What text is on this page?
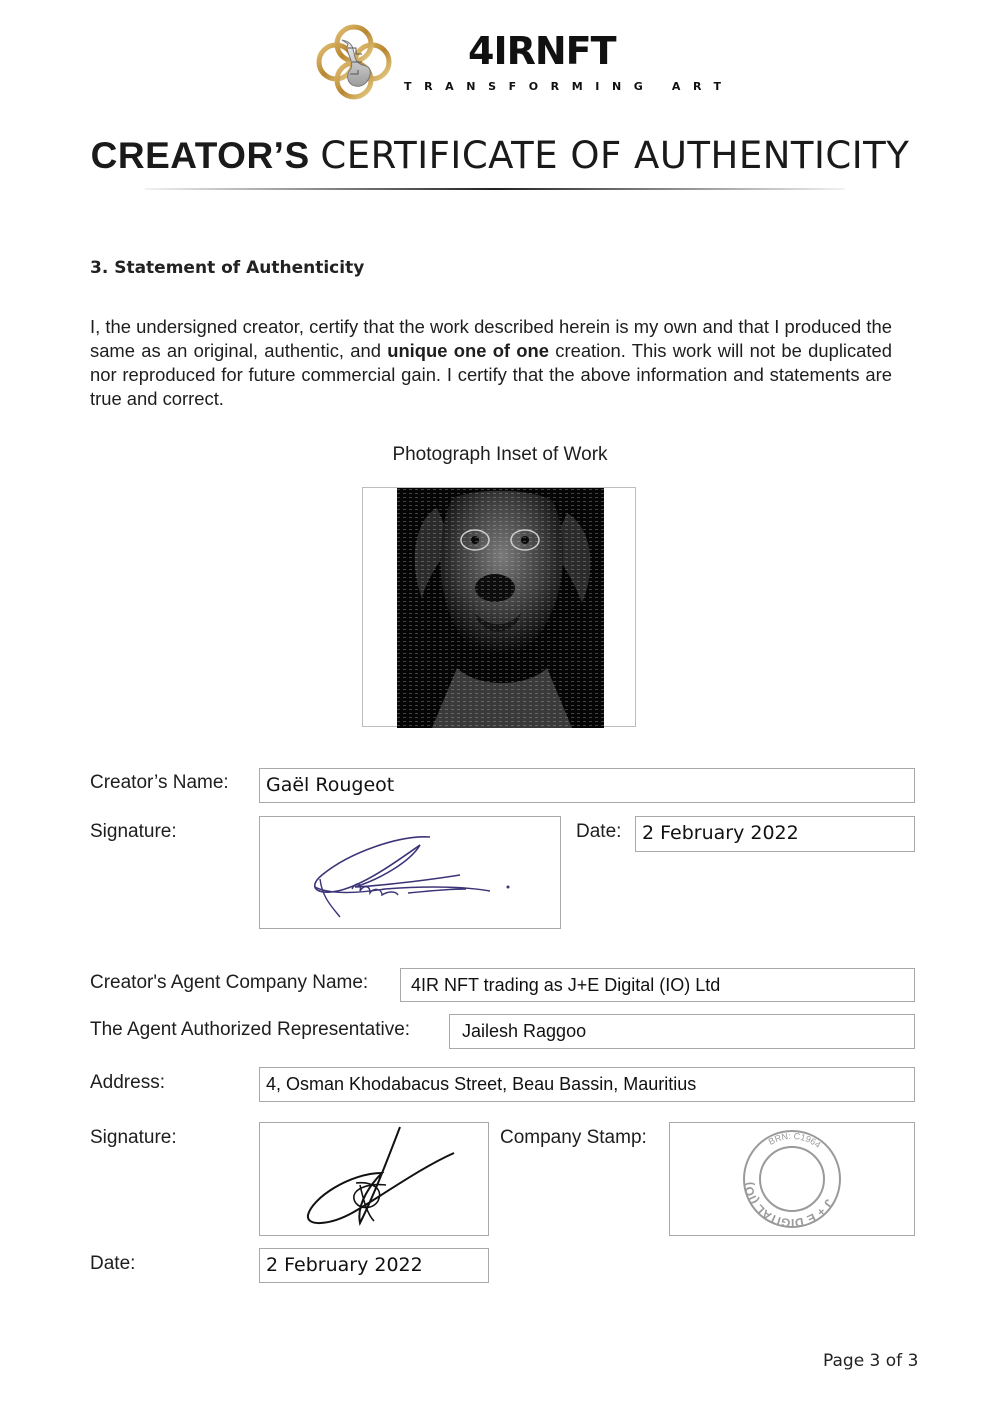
4IRNFT
TRANSFORMING ART
CREATOR’S CERTIFICATE OF AUTHENTICITY
3. Statement of Authenticity
I, the undersigned creator, certify that the work described herein is my own and that I produced the same as an original, authentic, and unique one of one creation. This work will not be duplicated nor reproduced for future commercial gain. I certify that the above information and statements are true and correct.
Photograph Inset of Work
Creator’s Name:	Gaël Rougeot
Signature:	Date:	2 February 2022
Creator's Agent Company Name:	4IR NFT trading as J+E Digital (IO) Ltd
The Agent Authorized Representative:	Jailesh Raggoo
Address:	4, Osman Khodabacus Street, Beau Bassin, Mauritius
Signature:	Company Stamp:
J + E DIGITAL (IO)
BRN: C1964
Date:	2 February 2022
Page 3 of 3
